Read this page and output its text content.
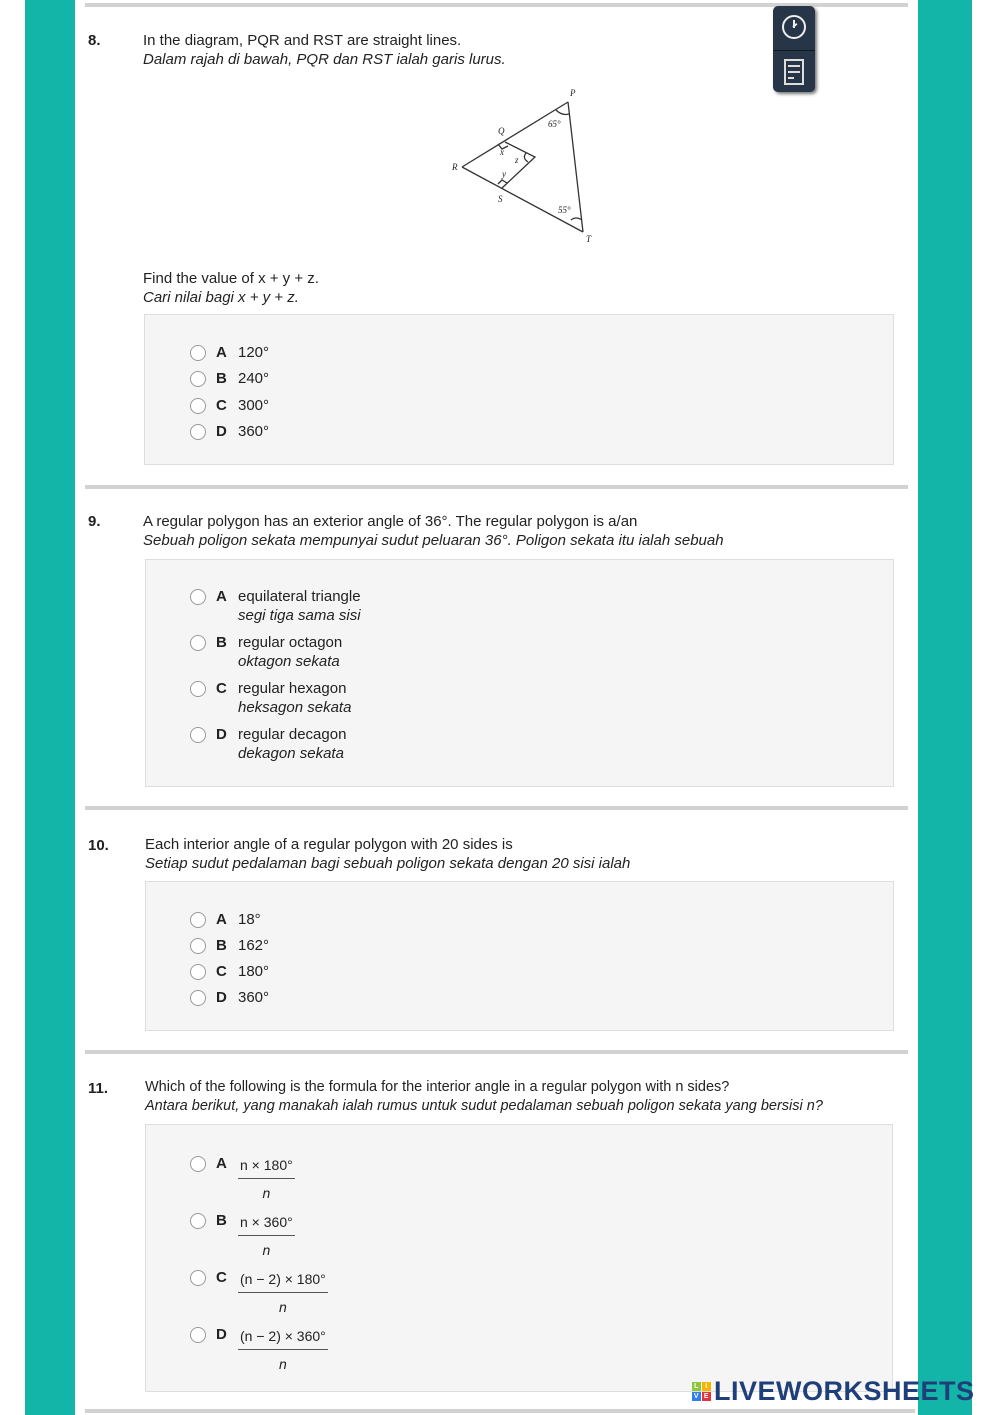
8.	In the diagram, PQR and RST are straight lines.
Dalam rajah di bawah, PQR dan RST ialah garis lurus.
P
Q
R
S
T
x
y
z
65°
55°
Find the value of x + y + z.
Cari nilai bagi x + y + z.
A 120°
B 240°
C 300°
D 360°
9.	A regular polygon has an exterior angle of 36°. The regular polygon is a/an
Sebuah poligon sekata mempunyai sudut peluaran 36°. Poligon sekata itu ialah sebuah
A equilateral triangle
segi tiga sama sisi
B regular octagon
oktagon sekata
C regular hexagon
heksagon sekata
D regular decagon
dekagon sekata
10. Each interior angle of a regular polygon with 20 sides is
Setiap sudut pedalaman bagi sebuah poligon sekata dengan 20 sisi ialah
A 18°
B 162°
C 180°
D 360°
11.	Which of the following is the formula for the interior angle in a regular polygon with n sides?
Antara berikut, yang manakah ialah rumus untuk sudut pedalaman sebuah poligon sekata yang bersisi n?
A $\frac{n \times 180^\circ}{n}$
B $\frac{n \times 360^\circ}{n}$
C $\frac{(n - 2) \times 180^\circ}{n}$
D $\frac{(n - 2) \times 360^\circ}{n}$
L I
V E LIVEWORKSHEETS
